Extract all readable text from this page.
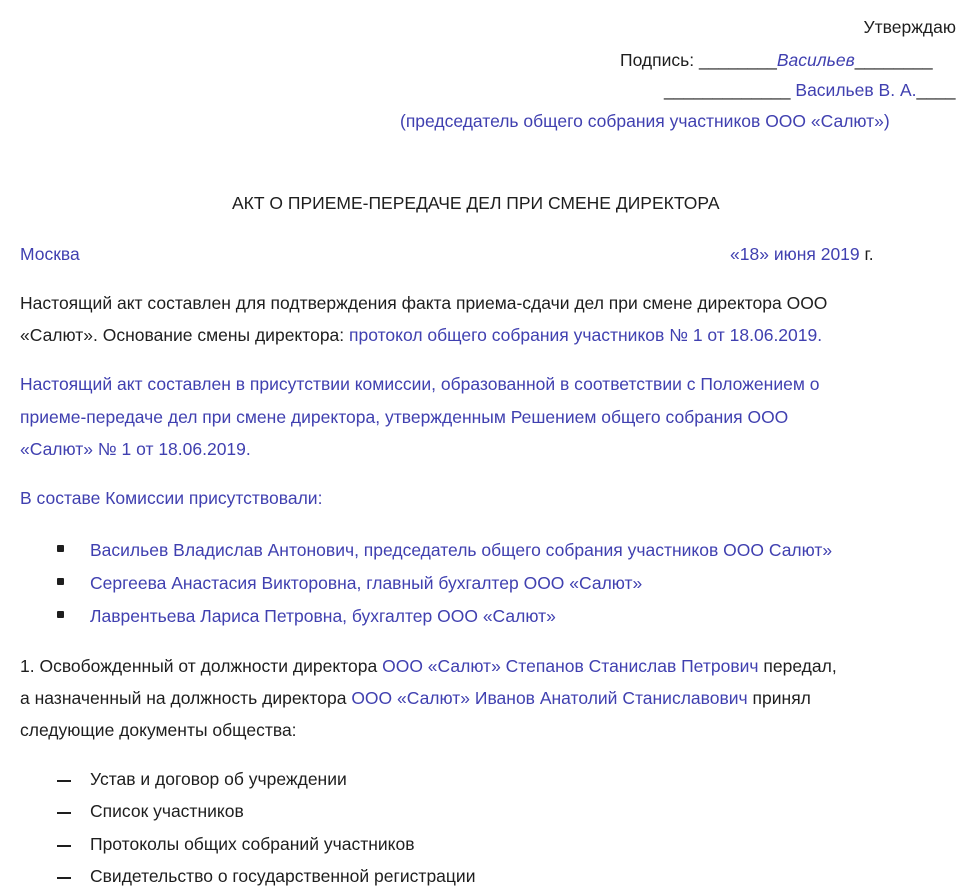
Утверждаю
Подпись: ________Васильев________
_____________ Васильев В. А.____
(председатель общего собрания участников ООО «Салют»)
АКТ О ПРИЕМЕ-ПЕРЕДАЧЕ ДЕЛ ПРИ СМЕНЕ ДИРЕКТОРА
Москва	«18» июня 2019 г.
Настоящий акт составлен для подтверждения факта приема-сдачи дел при смене директора ООО
«Салют». Основание смены директора: протокол общего собрания участников № 1 от 18.06.2019.
Настоящий акт составлен в присутствии комиссии, образованной в соответствии с Положением о
приеме-передаче дел при смене директора, утвержденным Решением общего собрания ООО
«Салют» № 1 от 18.06.2019.
В составе Комиссии присутствовали:
Васильев Владислав Антонович, председатель общего собрания участников ООО Салют»
Сергеева Анастасия Викторовна, главный бухгалтер ООО «Салют»
Лаврентьева Лариса Петровна, бухгалтер ООО «Салют»
1. Освобожденный от должности директора ООО «Салют» Степанов Станислав Петрович передал,
а назначенный на должность директора ООО «Салют» Иванов Анатолий Станиславович принял
следующие документы общества:
Устав и договор об учреждении
Список участников
Протоколы общих собраний участников
Свидетельство о государственной регистрации
